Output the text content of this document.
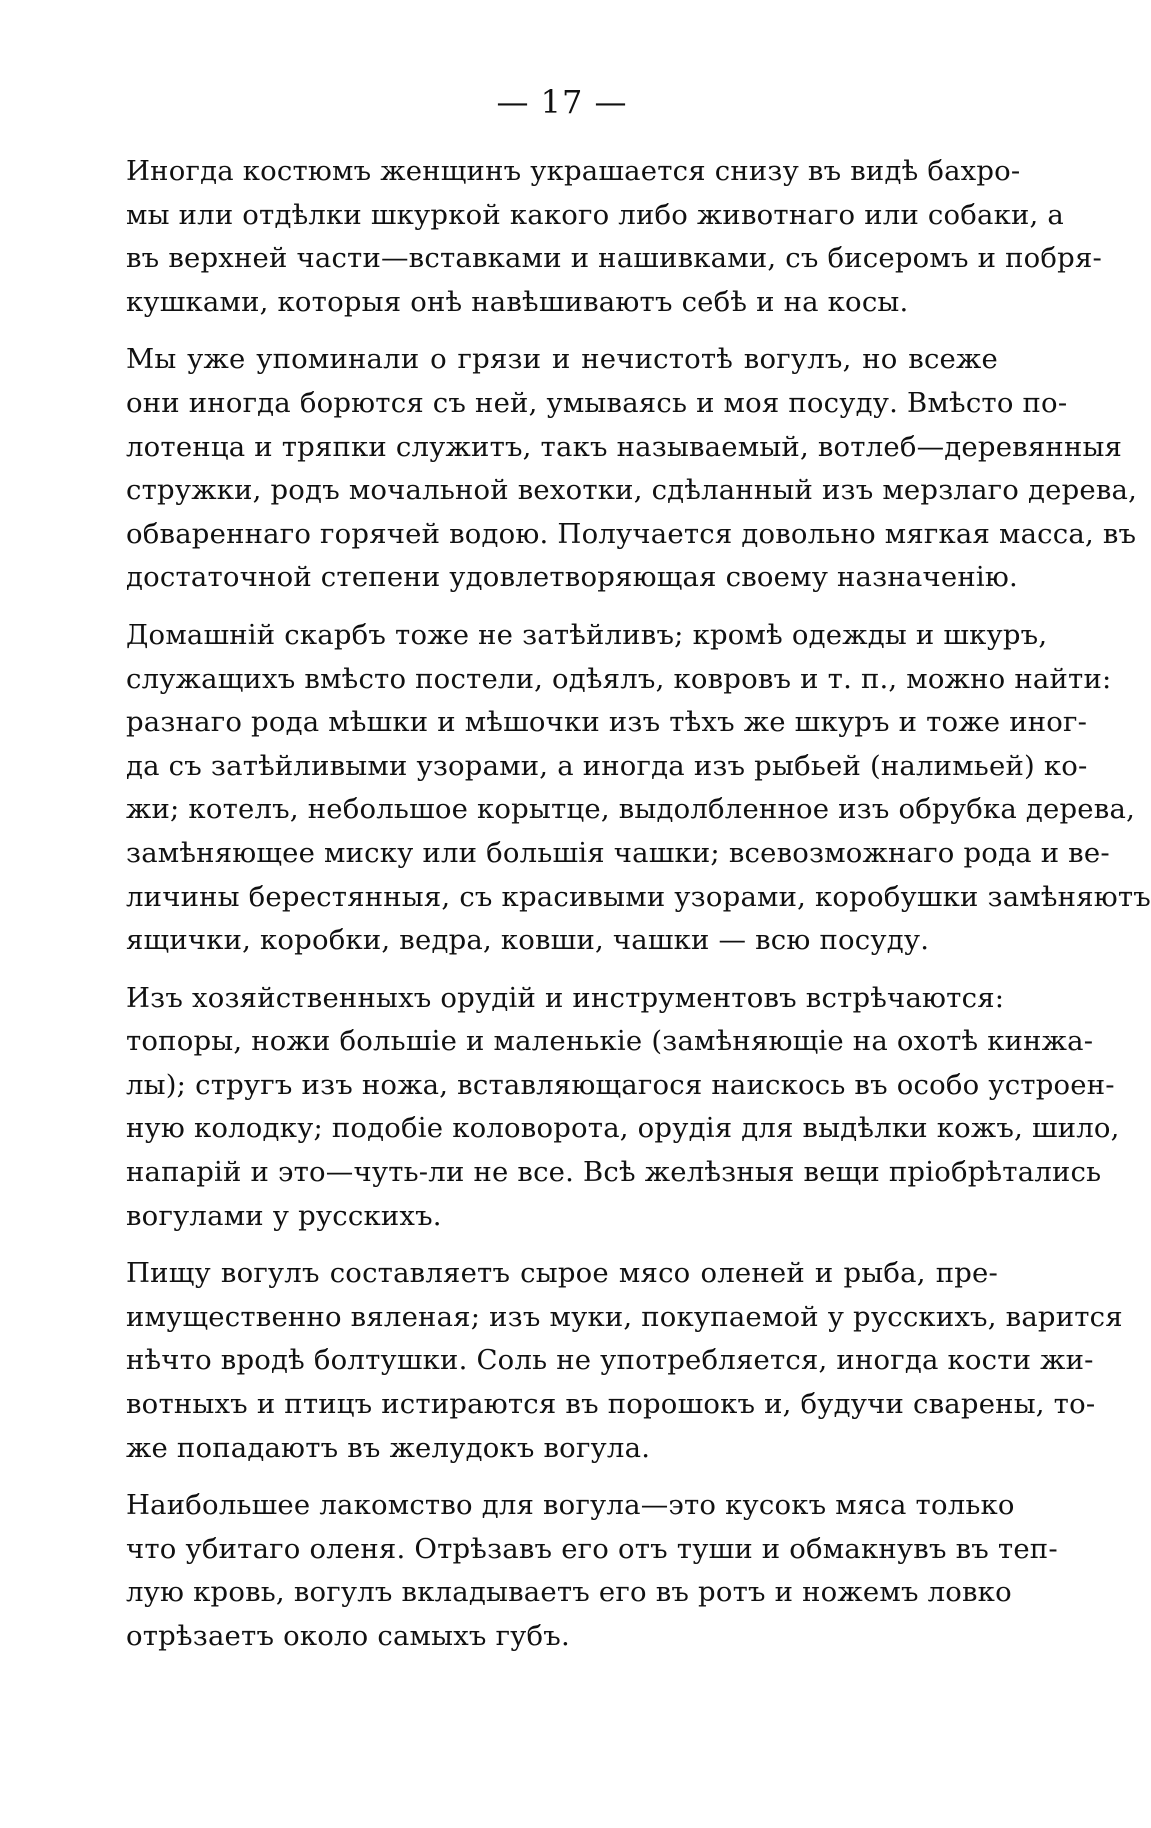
— 17 —
Иногда костюмъ женщинъ украшается снизу въ видѣ бахро-
мы или отдѣлки шкуркой какого либо животнаго или собаки, а
въ верхней части—вставками и нашивками, съ бисеромъ и побря-
кушками, которыя онѣ навѣшиваютъ себѣ и на косы.
Мы уже упоминали о грязи и нечистотѣ вогулъ, но всеже
они иногда борются съ ней, умываясь и моя посуду. Вмѣсто по-
лотенца и тряпки служитъ, такъ называемый, вотлеб—деревянныя
стружки, родъ мочальной вехотки, сдѣланный изъ мерзлаго дерева,
обвареннаго горячей водою. Получается довольно мягкая масса, въ
достаточной степени удовлетворяющая своему назначенію.
Домашній скарбъ тоже не затѣйливъ; кромѣ одежды и шкуръ,
служащихъ вмѣсто постели, одѣялъ, ковровъ и т. п., можно найти:
разнаго рода мѣшки и мѣшочки изъ тѣхъ же шкуръ и тоже иног-
да съ затѣйливыми узорами, а иногда изъ рыбьей (налимьей) ко-
жи; котелъ, небольшое корытце, выдолбленное изъ обрубка дерева,
замѣняющее миску или большія чашки; всевозможнаго рода и ве-
личины берестянныя, съ красивыми узорами, коробушки замѣняютъ
ящички, коробки, ведра, ковши, чашки — всю посуду.
Изъ хозяйственныхъ орудій и инструментовъ встрѣчаются:
топоры, ножи большіе и маленькіе (замѣняющіе на охотѣ кинжа-
лы); стругъ изъ ножа, вставляющагося наискось въ особо устроен-
ную колодку; подобіе коловорота, орудія для выдѣлки кожъ, шило,
напарій и это—чуть-ли не все. Всѣ желѣзныя вещи пріобрѣтались
вогулами у русскихъ.
Пищу вогулъ составляетъ сырое мясо оленей и рыба, пре-
имущественно вяленая; изъ муки, покупаемой у русскихъ, варится
нѣчто вродѣ болтушки. Соль не употребляется, иногда кости жи-
вотныхъ и птицъ истираются въ порошокъ и, будучи сварены, то-
же попадаютъ въ желудокъ вогула.
Наибольшее лакомство для вогула—это кусокъ мяса только
что убитаго оленя. Отрѣзавъ его отъ туши и обмакнувъ въ теп-
лую кровь, вогулъ вкладываетъ его въ ротъ и ножемъ ловко
отрѣзаетъ около самыхъ губъ.
